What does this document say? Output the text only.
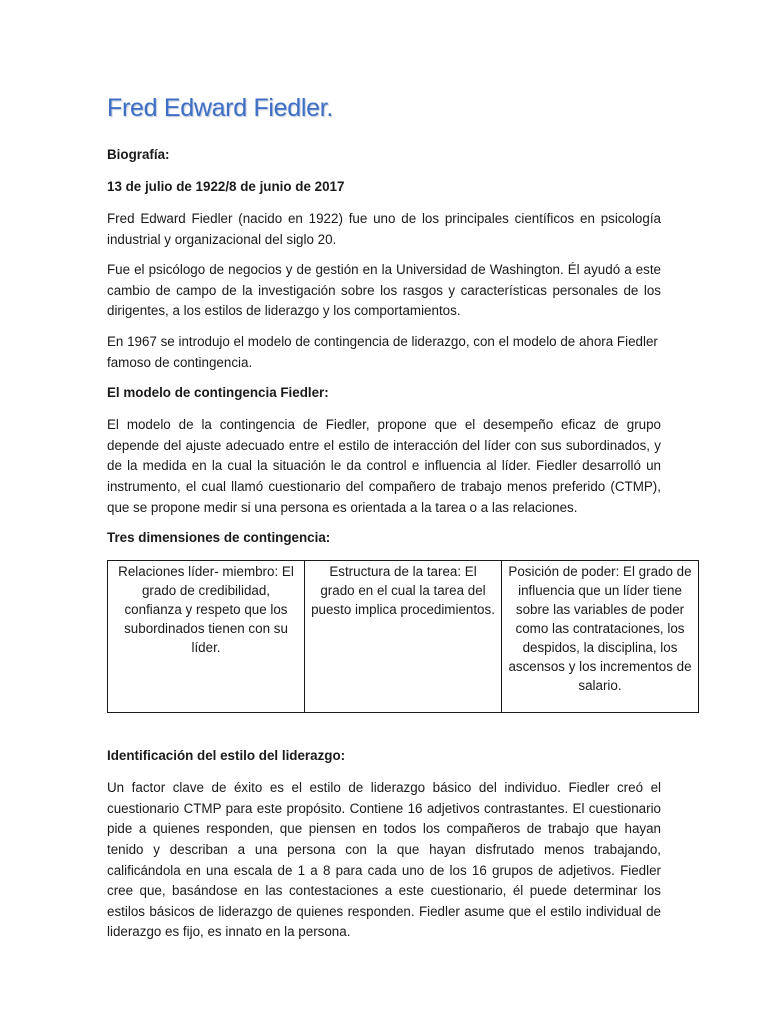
Fred Edward Fiedler.

Biografía:

13 de julio de 1922/8 de junio de 2017

Fred Edward Fiedler (nacido en 1922) fue uno de los principales científicos en psicología industrial y organizacional del siglo 20.

Fue el psicólogo de negocios y de gestión en la Universidad de Washington. Él ayudó a este cambio de campo de la investigación sobre los rasgos y características personales de los dirigentes, a los estilos de liderazgo y los comportamientos.

En 1967 se introdujo el modelo de contingencia de liderazgo, con el modelo de ahora Fiedler famoso de contingencia.

El modelo de contingencia Fiedler:

El modelo de la contingencia de Fiedler, propone que el desempeño eficaz de grupo depende del ajuste adecuado entre el estilo de interacción del líder con sus subordinados, y de la medida en la cual la situación le da control e influencia al líder. Fiedler desarrolló un instrumento, el cual llamó cuestionario del compañero de trabajo menos preferido (CTMP), que se propone medir si una persona es orientada a la tarea o a las relaciones.

Tres dimensiones de contingencia:

Relaciones líder- miembro: El grado de credibilidad, confianza y respeto que los subordinados tienen con su líder.	Estructura de la tarea: El grado en el cual la tarea del puesto implica procedimientos.	Posición de poder: El grado de influencia que un líder tiene sobre las variables de poder como las contrataciones, los despidos, la disciplina, los ascensos y los incrementos de salario.

Identificación del estilo del liderazgo:

Un factor clave de éxito es el estilo de liderazgo básico del individuo. Fiedler creó el cuestionario CTMP para este propósito. Contiene 16 adjetivos contrastantes. El cuestionario pide a quienes responden, que piensen en todos los compañeros de trabajo que hayan tenido y describan a una persona con la que hayan disfrutado menos trabajando, calificándola en una escala de 1 a 8 para cada uno de los 16 grupos de adjetivos. Fiedler cree que, basándose en las contestaciones a este cuestionario, él puede determinar los estilos básicos de liderazgo de quienes responden. Fiedler asume que el estilo individual de liderazgo es fijo, es innato en la persona.
